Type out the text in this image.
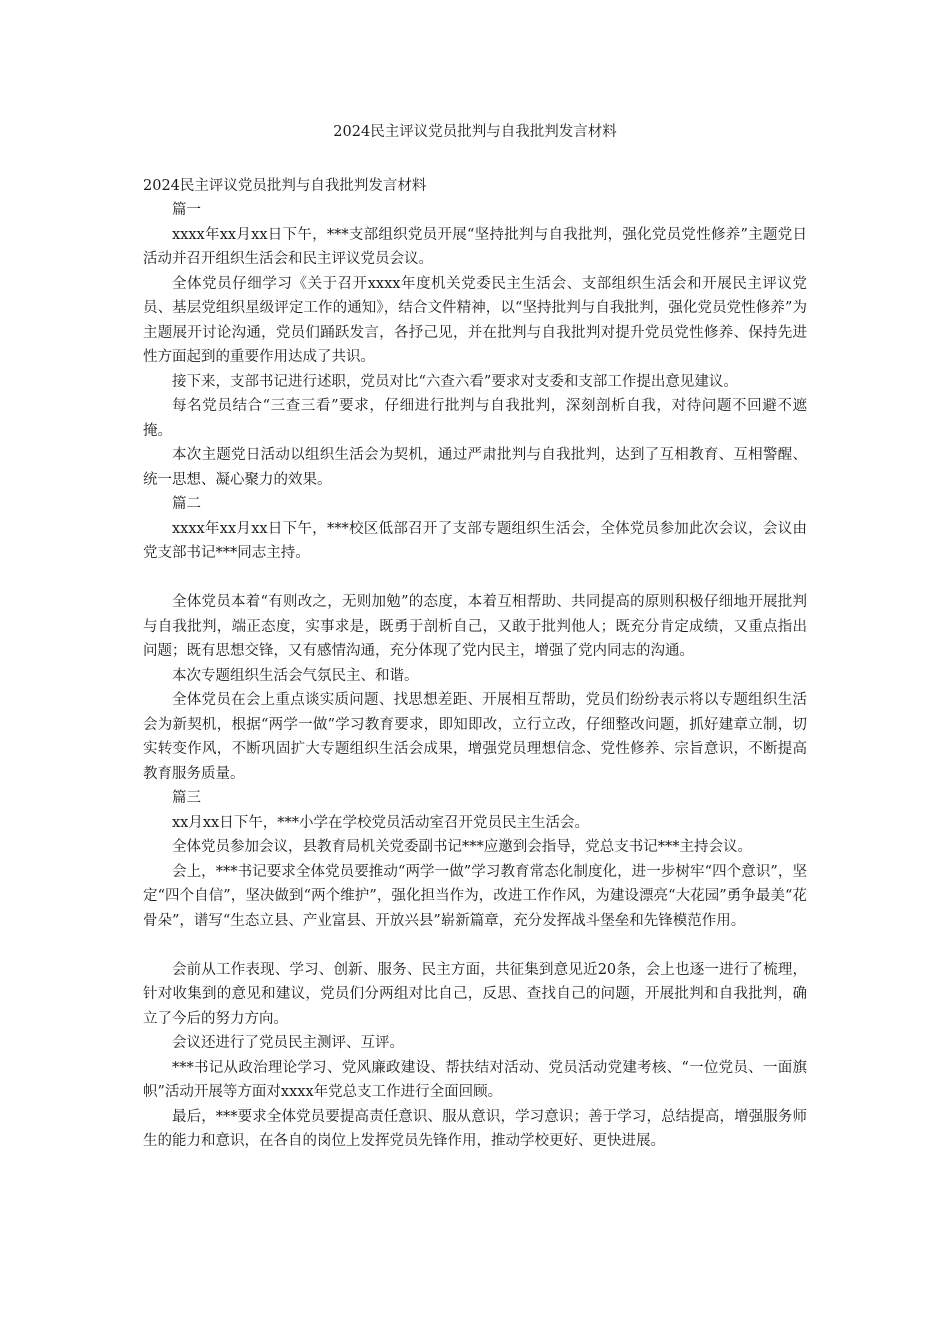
2024民主评议党员批判与自我批判发言材料

2024民主评议党员批判与自我批判发言材料

篇一

xxxx年xx月xx日下午，***支部组织党员开展“坚持批判与自我批判，强化党员党性修养”主题党日活动并召开组织生活会和民主评议党员会议。

全体党员仔细学习《关于召开xxxx年度机关党委民主生活会、支部组织生活会和开展民主评议党员、基层党组织星级评定工作的通知》，结合文件精神，以“坚持批判与自我批判，强化党员党性修养”为主题展开讨论沟通，党员们踊跃发言，各抒己见，并在批判与自我批判对提升党员党性修养、保持先进性方面起到的重要作用达成了共识。

接下来，支部书记进行述职，党员对比“六查六看”要求对支委和支部工作提出意见建议。

每名党员结合“三查三看”要求，仔细进行批判与自我批判，深刻剖析自我，对待问题不回避不遮掩。

本次主题党日活动以组织生活会为契机，通过严肃批判与自我批判，达到了互相教育、互相警醒、统一思想、凝心聚力的效果。

篇二

xxxx年xx月xx日下午，***校区低部召开了支部专题组织生活会，全体党员参加此次会议，会议由党支部书记***同志主持。

全体党员本着“有则改之，无则加勉”的态度，本着互相帮助、共同提高的原则积极仔细地开展批判与自我批判，端正态度，实事求是，既勇于剖析自己，又敢于批判他人；既充分肯定成绩，又重点指出问题；既有思想交锋，又有感情沟通，充分体现了党内民主，增强了党内同志的沟通。

本次专题组织生活会气氛民主、和谐。

全体党员在会上重点谈实质问题、找思想差距、开展相互帮助，党员们纷纷表示将以专题组织生活会为新契机，根据“两学一做”学习教育要求，即知即改，立行立改，仔细整改问题，抓好建章立制，切实转变作风，不断巩固扩大专题组织生活会成果，增强党员理想信念、党性修养、宗旨意识，不断提高教育服务质量。

篇三

xx月xx日下午，***小学在学校党员活动室召开党员民主生活会。

全体党员参加会议，县教育局机关党委副书记***应邀到会指导，党总支书记***主持会议。

会上，***书记要求全体党员要推动“两学一做”学习教育常态化制度化，进一步树牢“四个意识”，坚定“四个自信”，坚决做到“两个维护”，强化担当作为，改进工作作风，为建设漂亮“大花园”勇争最美“花骨朵”，谱写“生态立县、产业富县、开放兴县”崭新篇章，充分发挥战斗堡垒和先锋模范作用。

会前从工作表现、学习、创新、服务、民主方面，共征集到意见近20条，会上也逐一进行了梳理，针对收集到的意见和建议，党员们分两组对比自己，反思、查找自己的问题，开展批判和自我批判，确立了今后的努力方向。

会议还进行了党员民主测评、互评。

***书记从政治理论学习、党风廉政建设、帮扶结对活动、党员活动党建考核、“一位党员、一面旗帜”活动开展等方面对xxxx年党总支工作进行全面回顾。

最后，***要求全体党员要提高责任意识、服从意识，学习意识；善于学习，总结提高，增强服务师生的能力和意识，在各自的岗位上发挥党员先锋作用，推动学校更好、更快进展。
